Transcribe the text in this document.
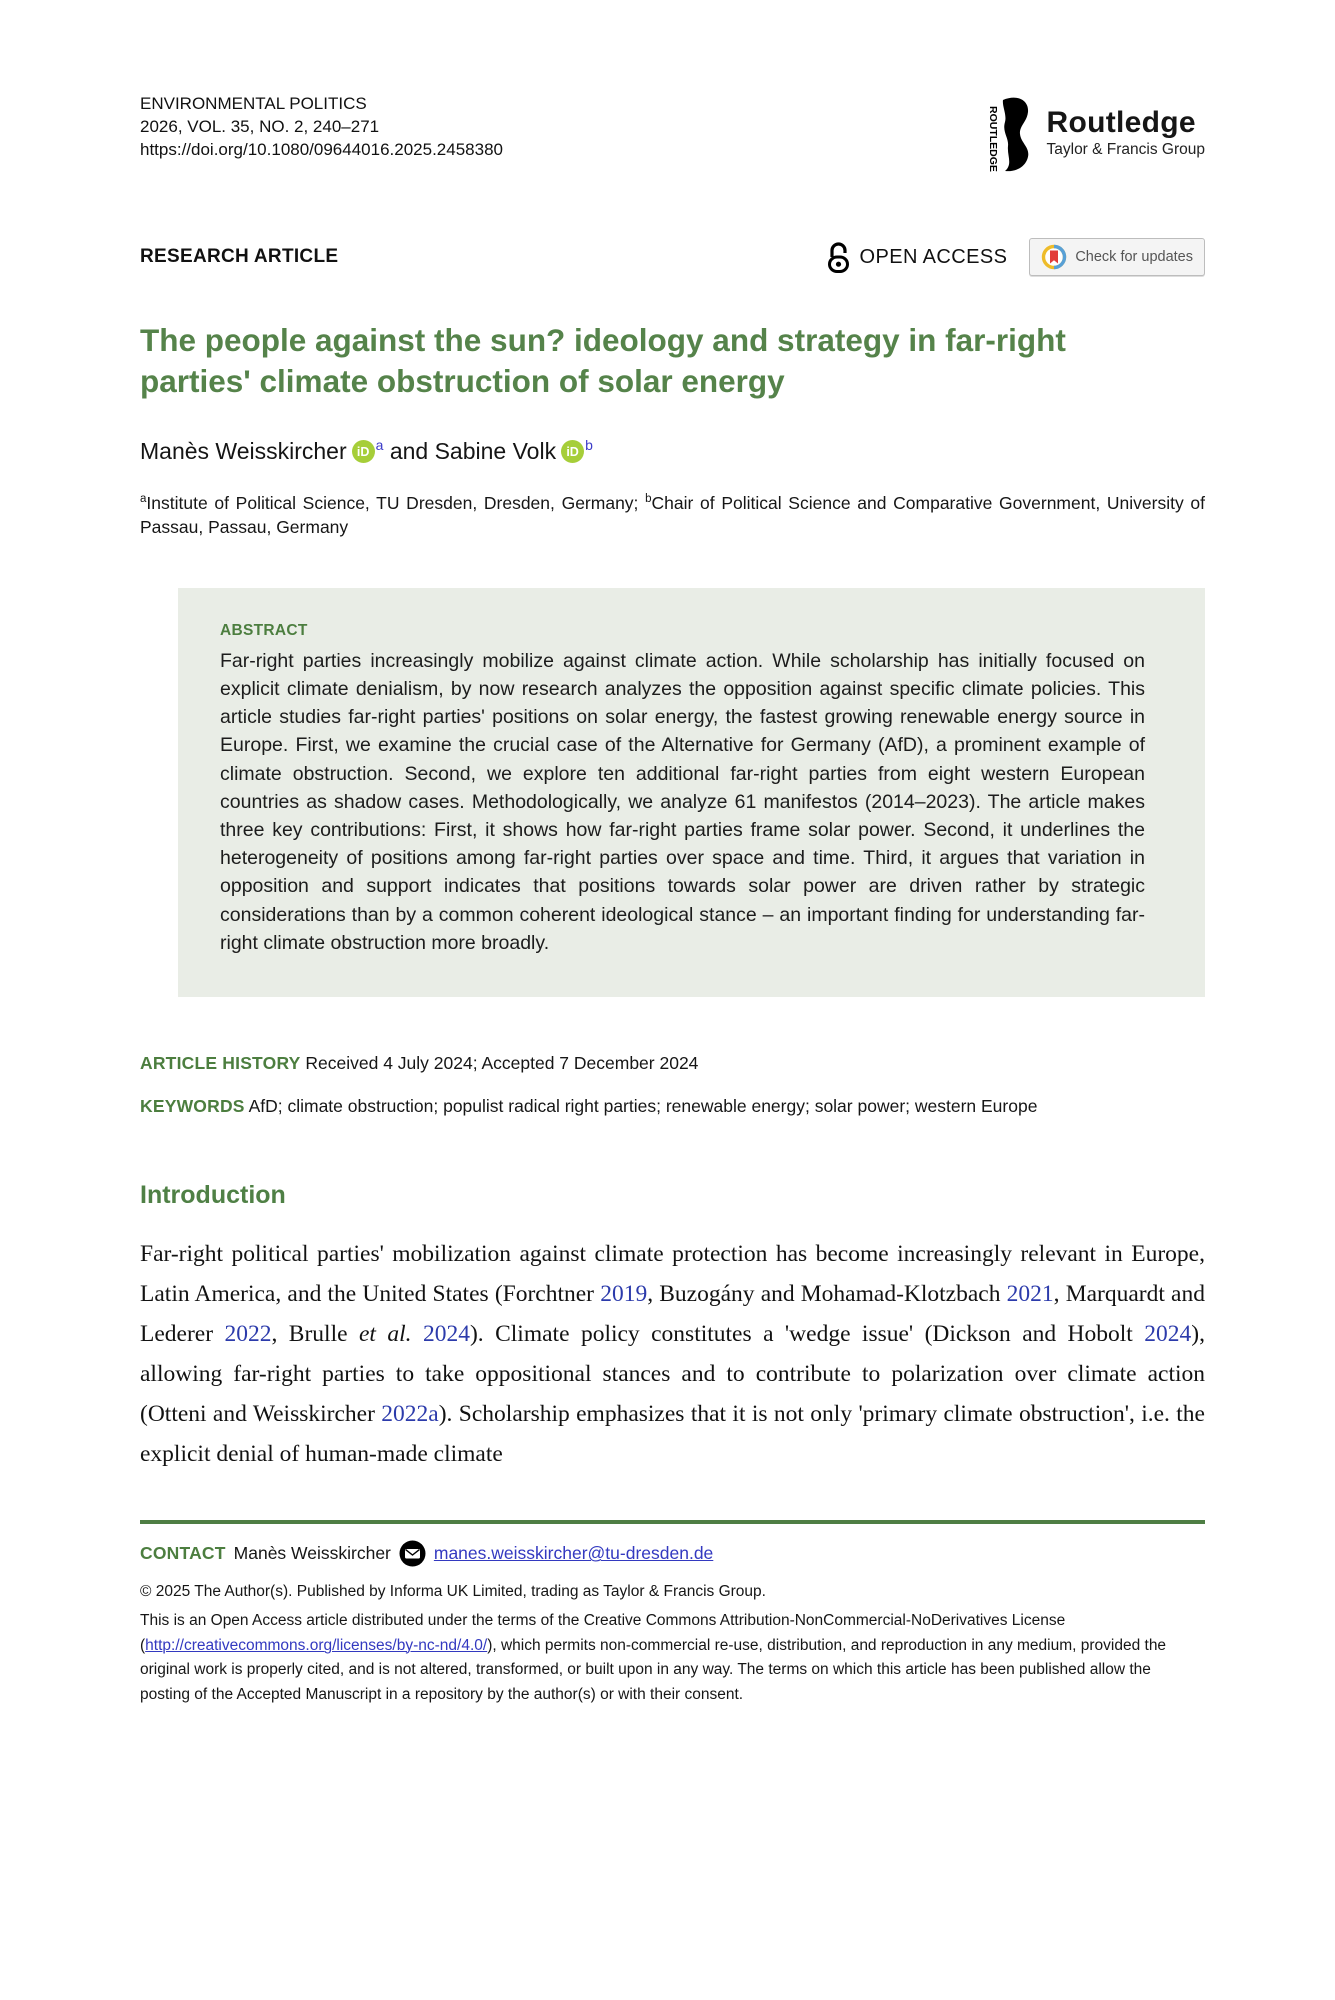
ENVIRONMENTAL POLITICS
2026, VOL. 35, NO. 2, 240–271
https://doi.org/10.1080/09644016.2025.2458380	ROUTLEDGE Routledge
Taylor & Francis Group
RESEARCH ARTICLE	OPEN ACCESS	Check for updates
The people against the sun? ideology and strategy in far-right parties' climate obstruction of solar energy
Manès Weisskircher iD a and Sabine Volk iD b
$^a$Institute of Political Science, TU Dresden, Dresden, Germany; $^b$Chair of Political Science and Comparative Government, University of Passau, Passau, Germany
ABSTRACT
Far-right parties increasingly mobilize against climate action. While scholarship has initially focused on explicit climate denialism, by now research analyzes the opposition against specific climate policies. This article studies far-right parties' positions on solar energy, the fastest growing renewable energy source in Europe. First, we examine the crucial case of the Alternative for Germany (AfD), a prominent example of climate obstruction. Second, we explore ten additional far-right parties from eight western European countries as shadow cases. Methodologically, we analyze 61 manifestos (2014–2023). The article makes three key contributions: First, it shows how far-right parties frame solar power. Second, it underlines the heterogeneity of positions among far-right parties over space and time. Third, it argues that variation in opposition and support indicates that positions towards solar power are driven rather by strategic considerations than by a common coherent ideological stance – an important finding for understanding far-right climate obstruction more broadly.
ARTICLE HISTORY Received 4 July 2024; Accepted 7 December 2024
KEYWORDS AfD; climate obstruction; populist radical right parties; renewable energy; solar power; western Europe
Introduction
Far-right political parties' mobilization against climate protection has become increasingly relevant in Europe, Latin America, and the United States (Forchtner 2019, Buzogány and Mohamad-Klotzbach 2021, Marquardt and Lederer 2022, Brulle et al. 2024). Climate policy constitutes a 'wedge issue' (Dickson and Hobolt 2024), allowing far-right parties to take oppositional stances and to contribute to polarization over climate action (Otteni and Weisskircher 2022a). Scholarship emphasizes that it is not only 'primary climate obstruction', i.e. the explicit denial of human-made climate
CONTACT Manès Weisskircher manes.weisskircher@tu-dresden.de
© 2025 The Author(s). Published by Informa UK Limited, trading as Taylor & Francis Group.
This is an Open Access article distributed under the terms of the Creative Commons Attribution-NonCommercial-NoDerivatives License (http://creativecommons.org/licenses/by-nc-nd/4.0/), which permits non-commercial re-use, distribution, and reproduction in any medium, provided the original work is properly cited, and is not altered, transformed, or built upon in any way. The terms on which this article has been published allow the posting of the Accepted Manuscript in a repository by the author(s) or with their consent.
